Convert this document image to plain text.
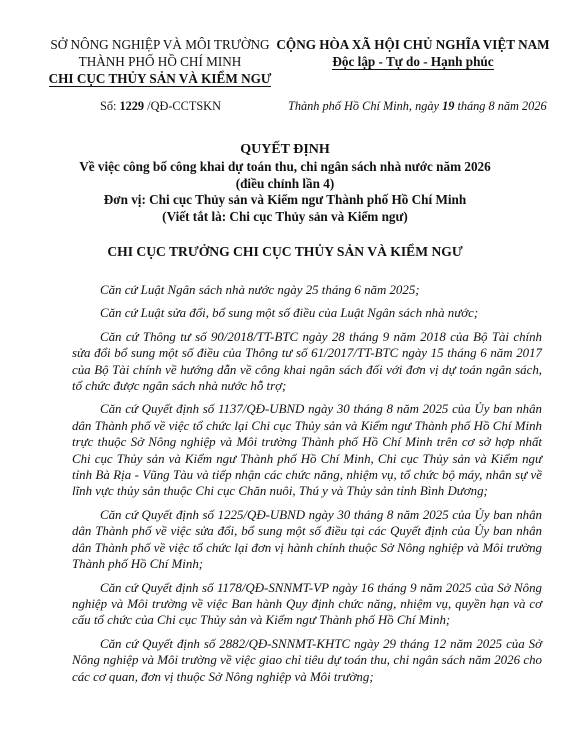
SỞ NÔNG NGHIỆP VÀ MÔI TRƯỜNG
THÀNH PHỐ HỒ CHÍ MINH
CHI CỤC THỦY SẢN VÀ KIỂM NGƯ
CỘNG HÒA XÃ HỘI CHỦ NGHĨA VIỆT NAM
Độc lập - Tự do - Hạnh phúc
Số: 1229 /QĐ-CCTSKN	Thành phố Hồ Chí Minh, ngày 19 tháng 8 năm 2026
QUYẾT ĐỊNH
Về việc công bố công khai dự toán thu, chi ngân sách nhà nước năm 2026
(điều chỉnh lần 4)
Đơn vị: Chi cục Thủy sản và Kiểm ngư Thành phố Hồ Chí Minh
(Viết tắt là: Chi cục Thủy sản và Kiểm ngư)
CHI CỤC TRƯỞNG CHI CỤC THỦY SẢN VÀ KIỂM NGƯ

Căn cứ Luật Ngân sách nhà nước ngày 25 tháng 6 năm 2025;

Căn cứ Luật sửa đổi, bổ sung một số điều của Luật Ngân sách nhà nước;

Căn cứ Thông tư số 90/2018/TT-BTC ngày 28 tháng 9 năm 2018 của Bộ Tài chính sửa đổi bổ sung một số điều của Thông tư số 61/2017/TT-BTC ngày 15 tháng 6 năm 2017 của Bộ Tài chính về hướng dẫn về công khai ngân sách đối với đơn vị dự toán ngân sách, tổ chức được ngân sách nhà nước hỗ trợ;

Căn cứ Quyết định số 1137/QĐ-UBND ngày 30 tháng 8 năm 2025 của Ủy ban nhân dân Thành phố về việc tổ chức lại Chi cục Thủy sản và Kiểm ngư Thành phố Hồ Chí Minh trực thuộc Sở Nông nghiệp và Môi trường Thành phố Hồ Chí Minh trên cơ sở hợp nhất Chi cục Thủy sản và Kiểm ngư Thành phố Hồ Chí Minh, Chi cục Thủy sản và Kiểm ngư tỉnh Bà Rịa - Vũng Tàu và tiếp nhận các chức năng, nhiệm vụ, tổ chức bộ máy, nhân sự về lĩnh vực thủy sản thuộc Chi cục Chăn nuôi, Thú y và Thủy sản tỉnh Bình Dương;

Căn cứ Quyết định số 1225/QĐ-UBND ngày 30 tháng 8 năm 2025 của Ủy ban nhân dân Thành phố về việc sửa đổi, bổ sung một số điều tại các Quyết định của Ủy ban nhân dân Thành phố về việc tổ chức lại đơn vị hành chính thuộc Sở Nông nghiệp và Môi trường Thành phố Hồ Chí Minh;

Căn cứ Quyết định số 1178/QĐ-SNNMT-VP ngày 16 tháng 9 năm 2025 của Sở Nông nghiệp và Môi trường về việc Ban hành Quy định chức năng, nhiệm vụ, quyền hạn và cơ cấu tổ chức của Chi cục Thủy sản và Kiểm ngư Thành phố Hồ Chí Minh;

Căn cứ Quyết định số 2882/QĐ-SNNMT-KHTC ngày 29 tháng 12 năm 2025 của Sở Nông nghiệp và Môi trường về việc giao chỉ tiêu dự toán thu, chi ngân sách năm 2026 cho các cơ quan, đơn vị thuộc Sở Nông nghiệp và Môi trường;
